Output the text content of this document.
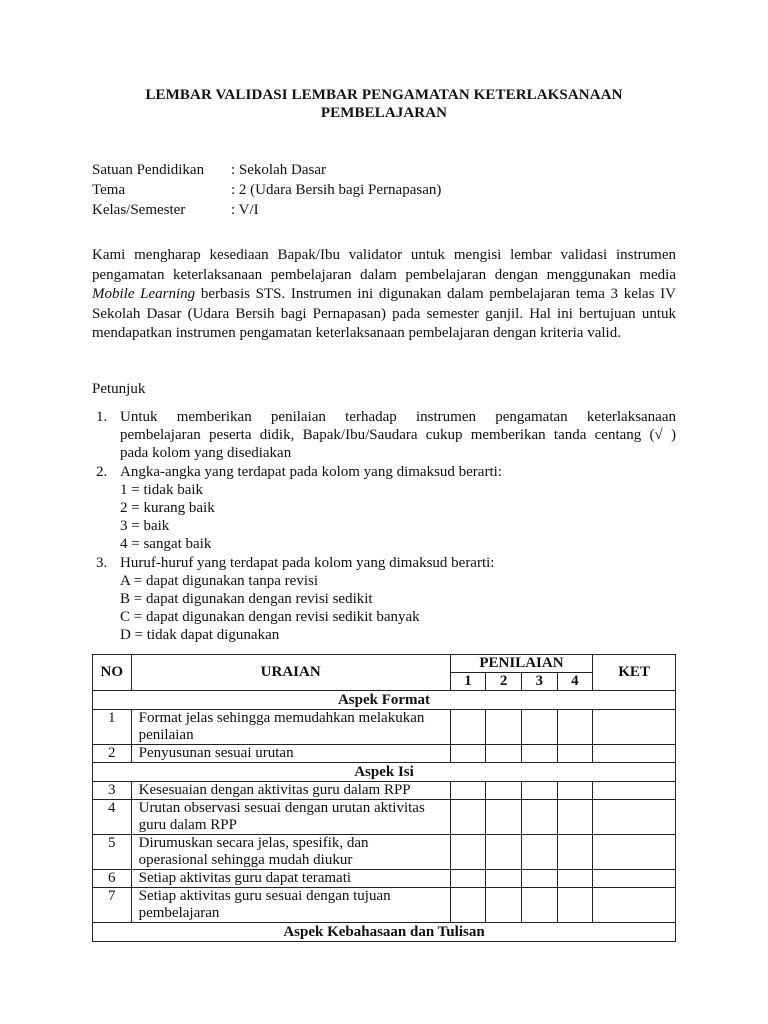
LEMBAR VALIDASI LEMBAR PENGAMATAN KETERLAKSANAAN
PEMBELAJARAN
Satuan Pendidikan	: Sekolah Dasar
Tema	: 2 (Udara Bersih bagi Pernapasan)
Kelas/Semester	: V/I
Kami mengharap kesediaan Bapak/Ibu validator untuk mengisi lembar validasi instrumen
pengamatan keterlaksanaan pembelajaran dalam pembelajaran dengan menggunakan media
Mobile Learning berbasis STS. Instrumen ini digunakan dalam pembelajaran tema 3 kelas IV
Sekolah Dasar (Udara Bersih bagi Pernapasan) pada semester ganjil. Hal ini bertujuan untuk
mendapatkan instrumen pengamatan keterlaksanaan pembelajaran dengan kriteria valid.
Petunjuk
1. Untuk memberikan penilaian terhadap instrumen pengamatan keterlaksanaan
pembelajaran peserta didik, Bapak/Ibu/Saudara cukup memberikan tanda centang (√ )
pada kolom yang disediakan
2. Angka-angka yang terdapat pada kolom yang dimaksud berarti:
1 = tidak baik
2 = kurang baik
3 = baik
4 = sangat baik
3. Huruf-huruf yang terdapat pada kolom yang dimaksud berarti:
A = dapat digunakan tanpa revisi
B = dapat digunakan dengan revisi sedikit
C = dapat digunakan dengan revisi sedikit banyak
D = tidak dapat digunakan
NO	URAIAN	PENILAIAN				KET
		1	2	3	4	
Aspek Format						
1	Format jelas sehingga memudahkan melakukan
penilaian					

2	Penyusunan sesuai urutan					

Aspek Isi						
3	Kesesuaian dengan aktivitas guru dalam RPP					

4	Urutan observasi sesuai dengan urutan aktivitas
guru dalam RPP					

5	Dirumuskan secara jelas, spesifik, dan
operasional sehingga mudah diukur					

6	Setiap aktivitas guru dapat teramati					

7	Setiap aktivitas guru sesuai dengan tujuan
pembelajaran					

Aspek Kebahasaan dan Tulisan						
